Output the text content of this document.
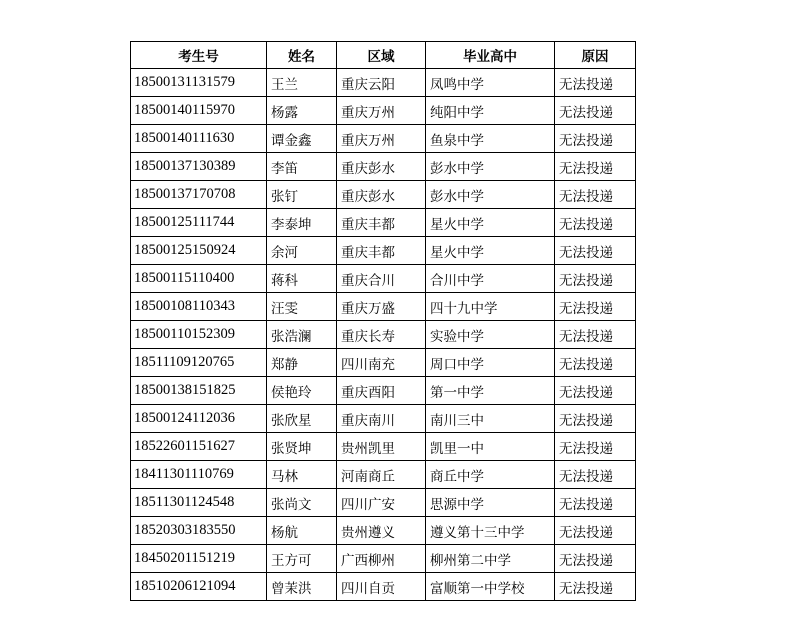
考生号	姓名	区域	毕业高中	原因
18500131131579	王兰	重庆云阳	凤鸣中学	无法投递
18500140115970	杨露	重庆万州	纯阳中学	无法投递
18500140111630	谭金鑫	重庆万州	鱼泉中学	无法投递
18500137130389	李笛	重庆彭水	彭水中学	无法投递
18500137170708	张钉	重庆彭水	彭水中学	无法投递
18500125111744	李泰坤	重庆丰都	星火中学	无法投递
18500125150924	余河	重庆丰都	星火中学	无法投递
18500115110400	蒋科	重庆合川	合川中学	无法投递
18500108110343	汪雯	重庆万盛	四十九中学	无法投递
18500110152309	张浩澜	重庆长寿	实验中学	无法投递
18511109120765	郑静	四川南充	周口中学	无法投递
18500138151825	侯艳玲	重庆酉阳	第一中学	无法投递
18500124112036	张欣星	重庆南川	南川三中	无法投递
18522601151627	张贤坤	贵州凯里	凯里一中	无法投递
18411301110769	马林	河南商丘	商丘中学	无法投递
18511301124548	张尚文	四川广安	思源中学	无法投递
18520303183550	杨航	贵州遵义	遵义第十三中学	无法投递
18450201151219	王方可	广西柳州	柳州第二中学	无法投递
18510206121094	曾茉洪	四川自贡	富顺第一中学校	无法投递
